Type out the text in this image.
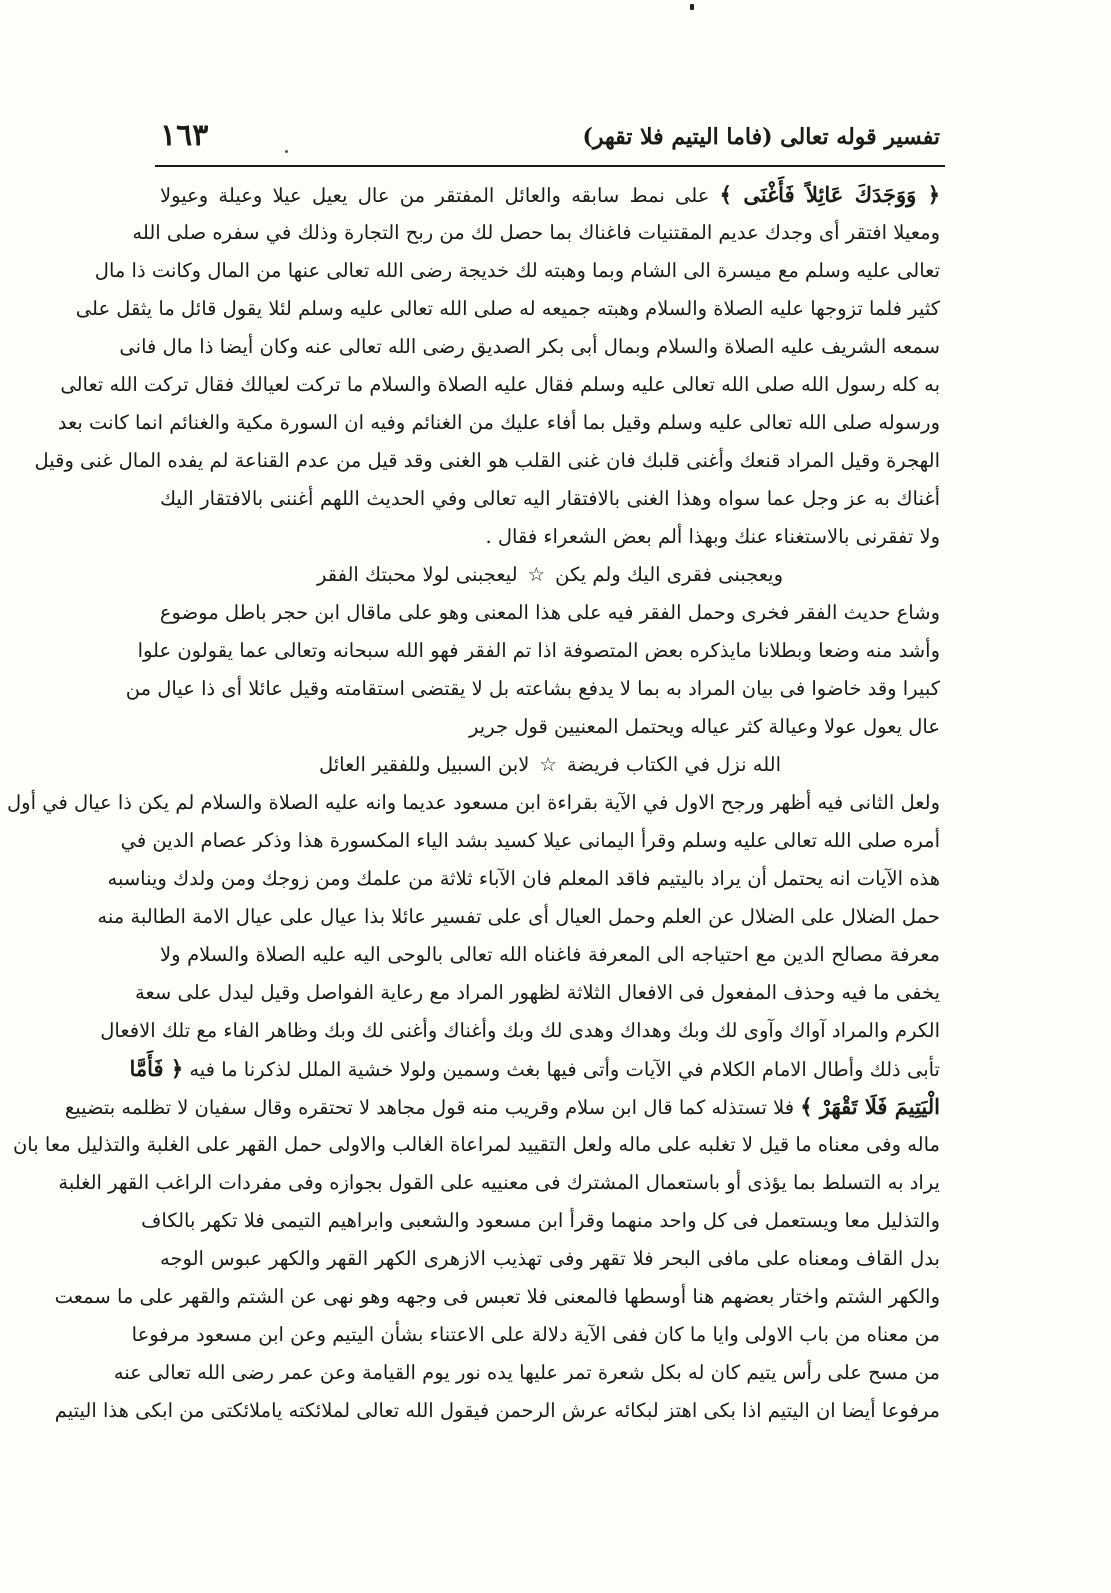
تفسير قوله تعالى (فاما اليتيم فلا تقهر)
١٦٣
﴿ وَوَجَدَكَ عَائِلاً فَأَغْنَى ﴾ على نمط سابقه والعائل المفتقر من عال يعيل عيلا وعيلة وعيولا
ومعيلا افتقر أى وجدك عديم المقتنيات فاغناك بما حصل لك من ربح التجارة وذلك في سفره صلى الله
تعالى عليه وسلم مع ميسرة الى الشام وبما وهبته لك خديجة رضى الله تعالى عنها من المال وكانت ذا مال
كثير فلما تزوجها عليه الصلاة والسلام وهبته جميعه له صلى الله تعالى عليه وسلم لئلا يقول قائل ما يثقل على
سمعه الشريف عليه الصلاة والسلام وبمال أبى بكر الصديق رضى الله تعالى عنه وكان أيضا ذا مال فانى
به كله رسول الله صلى الله تعالى عليه وسلم فقال عليه الصلاة والسلام ما تركت لعيالك فقال تركت الله تعالى
ورسوله صلى الله تعالى عليه وسلم وقيل بما أفاء عليك من الغنائم وفيه ان السورة مكية والغنائم انما كانت بعد
الهجرة وقيل المراد قنعك وأغنى قلبك فان غنى القلب هو الغنى وقد قيل من عدم القناعة لم يفده المال غنى وقيل
أغناك به عز وجل عما سواه وهذا الغنى بالافتقار اليه تعالى وفي الحديث اللهم أغننى بالافتقار اليك
ولا تفقرنى بالاستغناء عنك وبهذا ألم بعض الشعراء فقال .
ويعجبنى فقرى اليك ولم يكن☆ليعجبنى لولا محبتك الفقر
وشاع حديث الفقر فخرى وحمل الفقر فيه على هذا المعنى وهو على ماقال ابن حجر باطل موضوع
وأشد منه وضعا وبطلانا مايذكره بعض المتصوفة اذا تم الفقر فهو الله سبحانه وتعالى عما يقولون علوا
كبيرا وقد خاضوا فى بيان المراد به بما لا يدفع بشاعته بل لا يقتضى استقامته وقيل عائلا أى ذا عيال من
عال يعول عولا وعيالة كثر عياله ويحتمل المعنيين قول جرير
الله نزل في الكتاب فريضة☆لابن السبيل وللفقير العائل
ولعل الثانى فيه أظهر ورجح الاول في الآية بقراءة ابن مسعود عديما وانه عليه الصلاة والسلام لم يكن ذا عيال في أول
أمره صلى الله تعالى عليه وسلم وقرأ اليمانى عيلا كسيد بشد الياء المكسورة هذا وذكر عصام الدين في
هذه الآيات انه يحتمل أن يراد باليتيم فاقد المعلم فان الآباء ثلاثة من علمك ومن زوجك ومن ولدك ويناسبه
حمل الضلال على الضلال عن العلم وحمل العيال أى على تفسير عائلا بذا عيال على عيال الامة الطالبة منه
معرفة مصالح الدين مع احتياجه الى المعرفة فاغناه الله تعالى بالوحى اليه عليه الصلاة والسلام ولا
يخفى ما فيه وحذف المفعول فى الافعال الثلاثة لظهور المراد مع رعاية الفواصل وقيل ليدل على سعة
الكرم والمراد آواك وآوى لك وبك وهداك وهدى لك وبك وأغناك وأغنى لك وبك وظاهر الفاء مع تلك الافعال
تأبى ذلك وأطال الامام الكلام في الآيات وأتى فيها بغث وسمين ولولا خشية الملل لذكرنا ما فيه ﴿ فَأَمَّا
الْيَتِيمَ فَلَا تَقْهَرْ ﴾ فلا تستذله كما قال ابن سلام وقريب منه قول مجاهد لا تحتقره وقال سفيان لا تظلمه بتضييع
ماله وفى معناه ما قيل لا تغلبه على ماله ولعل التقييد لمراعاة الغالب والاولى حمل القهر على الغلبة والتذليل معا بان
يراد به التسلط بما يؤذى أو باستعمال المشترك فى معنييه على القول بجوازه وفى مفردات الراغب القهر الغلبة
والتذليل معا ويستعمل فى كل واحد منهما وقرأ ابن مسعود والشعبى وابراهيم التيمى فلا تكهر بالكاف
بدل القاف ومعناه على مافى البحر فلا تقهر وفى تهذيب الازهرى الكهر القهر والكهر عبوس الوجه
والكهر الشتم واختار بعضهم هنا أوسطها فالمعنى فلا تعبس فى وجهه وهو نهى عن الشتم والقهر على ما سمعت
من معناه من باب الاولى وايا ما كان ففى الآية دلالة على الاعتناء بشأن اليتيم وعن ابن مسعود مرفوعا
من مسح على رأس يتيم كان له بكل شعرة تمر عليها يده نور يوم القيامة وعن عمر رضى الله تعالى عنه
مرفوعا أيضا ان اليتيم اذا بكى اهتز لبكائه عرش الرحمن فيقول الله تعالى لملائكته ياملائكتى من ابكى هذا اليتيم
